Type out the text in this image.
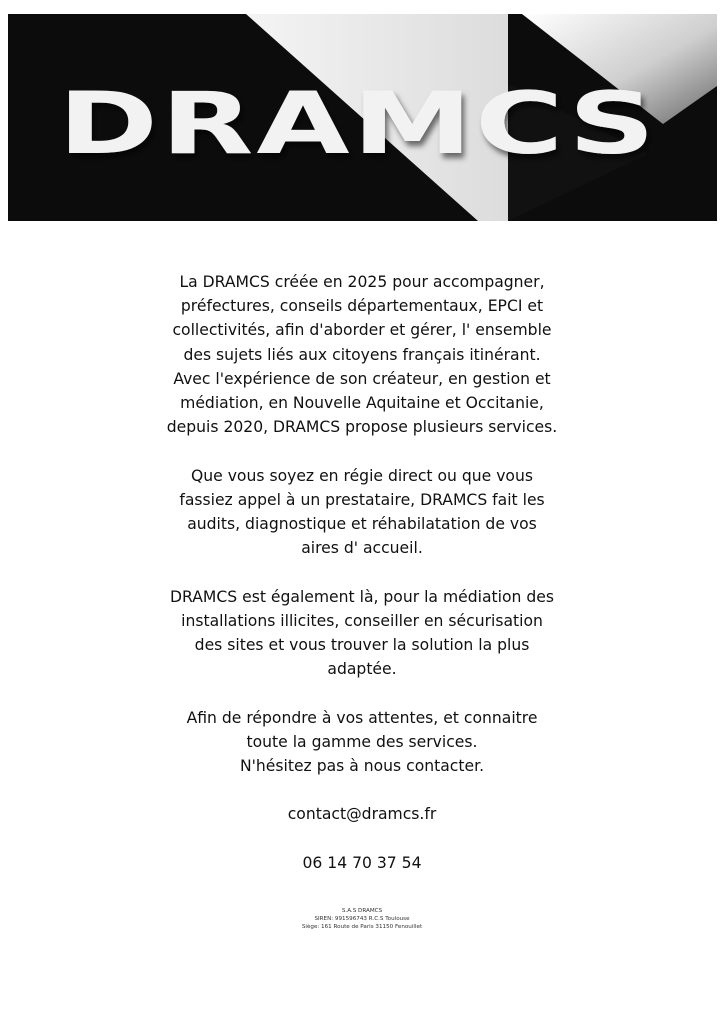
DRAMCS

La DRAMCS créée en 2025 pour accompagner,
préfectures, conseils départementaux, EPCI et
collectivités, afin d'aborder et gérer, l' ensemble
des sujets liés aux citoyens français itinérant.
Avec l'expérience de son créateur, en gestion et
médiation, en Nouvelle Aquitaine et Occitanie,
depuis 2020, DRAMCS propose plusieurs services.

Que vous soyez en régie direct ou que vous
fassiez appel à un prestataire, DRAMCS fait les
audits, diagnostique et réhabilatation de vos
aires d' accueil.

DRAMCS est également là, pour la médiation des
installations illicites, conseiller en sécurisation
des sites et vous trouver la solution la plus
adaptée.

Afin de répondre à vos attentes, et connaitre
toute la gamme des services.
N'hésitez pas à nous contacter.

contact@dramcs.fr

06 14 70 37 54

S.A.S DRAMCS
SIREN: 991596743 R.C.S Toulouse
Siège: 161 Route de Paris 31150 Fenouillet
